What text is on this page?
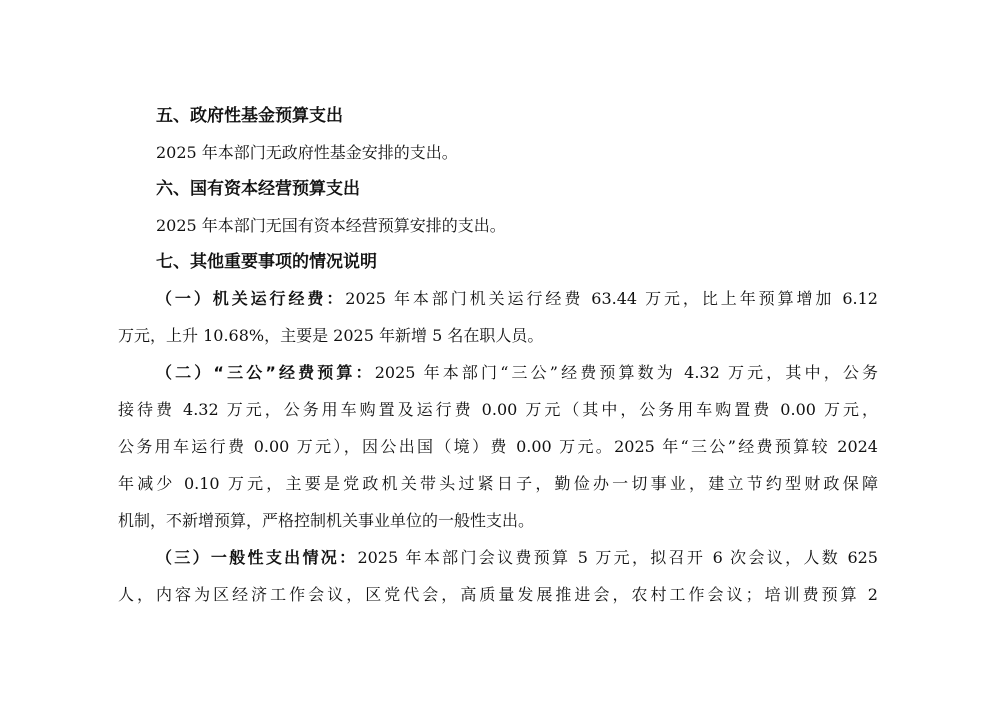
五、政府性基金预算支出
2025 年本部门无政府性基金安排的支出。
六、国有资本经营预算支出
2025 年本部门无国有资本经营预算安排的支出。
七、其他重要事项的情况说明
（一）机关运行经费：2025 年本部门机关运行经费 63.44 万元，比上年预算增加 6.12
万元，上升 10.68%，主要是 2025 年新增 5 名在职人员。
（二）“三公”经费预算：2025 年本部门“三公”经费预算数为 4.32 万元，其中，公务
接待费 4.32 万元，公务用车购置及运行费 0.00 万元（其中，公务用车购置费 0.00 万元，
公务用车运行费 0.00 万元），因公出国（境）费 0.00 万元。2025 年“三公”经费预算较 2024
年减少 0.10 万元，主要是党政机关带头过紧日子，勤俭办一切事业，建立节约型财政保障
机制，不新增预算，严格控制机关事业单位的一般性支出。
（三）一般性支出情况：2025 年本部门会议费预算 5 万元，拟召开 6 次会议，人数 625
人，内容为区经济工作会议，区党代会，高质量发展推进会，农村工作会议；培训费预算 2
